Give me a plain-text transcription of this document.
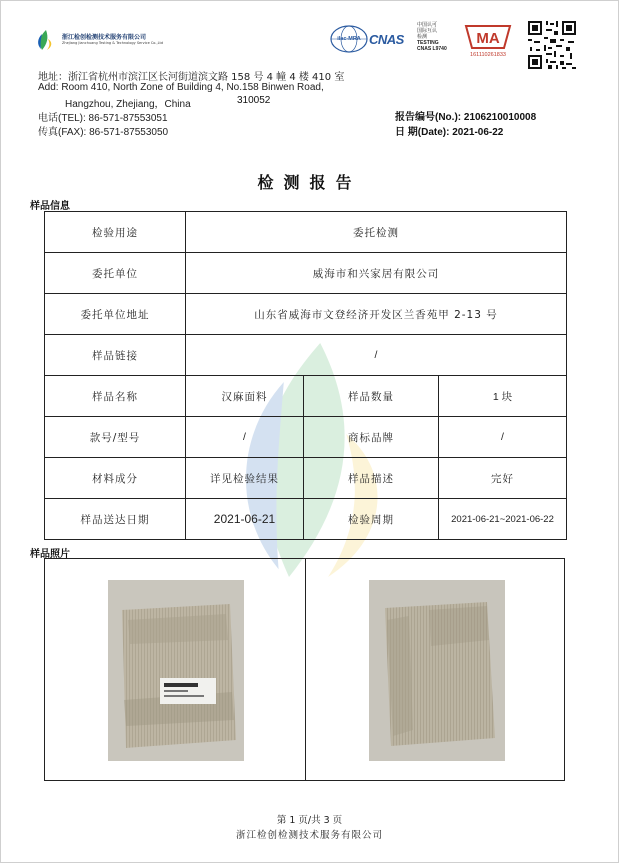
浙江检创检测技术服务有限公司
Zhejiang Jianchuang Testing & Technology Service Co.,Ltd
ilac-MRA CNAS
中国认可
国际互认
检测
TESTING
CNAS L9740
MA
161110261833
地址：浙江省杭州市滨江区长河街道滨文路 158 号 4 幢 4 楼 410 室
Add: Room 410, North Zone of Building 4, No.158 Binwen Road,
Hangzhou, Zhejiang，China	310052
电话(TEL): 86-571-87553051
传真(FAX): 86-571-87553050
报告编号(No.): 2106210010008
日 期(Date): 2021-06-22
检测报告
样品信息
检验用途	委托检测		
委托单位	威海市和兴家居有限公司		
委托单位地址	山东省威海市文登经济开发区兰香苑甲 2-13 号		
样品链接	/		
样品名称	汉麻面料	样品数量	1 块
款号/型号	/	商标品牌	/
材料成分	详见检验结果	样品描述	完好
样品送达日期	2021-06-21	检验周期	2021-06-21~2021-06-22
样品照片
第 1 页/共 3 页
浙江检创检测技术服务有限公司
